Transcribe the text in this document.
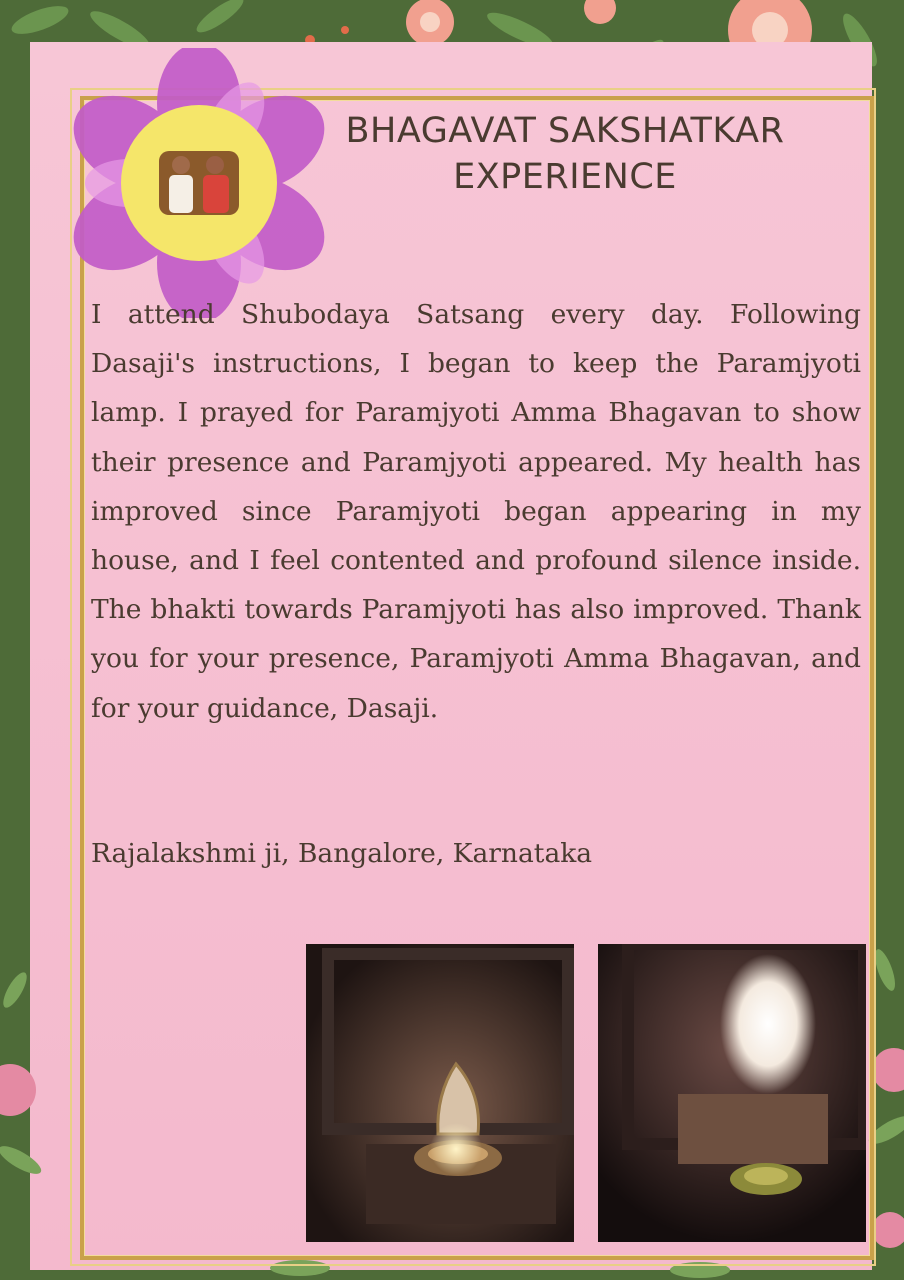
BHAGAVAT SAKSHATKAR
EXPERIENCE

I attend Shubodaya Satsang every day. Following Dasaji's instructions, I began to keep the Paramjyoti lamp. I prayed for Paramjyoti Amma Bhagavan to show their presence and Paramjyoti appeared. My health has improved since Paramjyoti began appearing in my house, and I feel contented and profound silence inside. The bhakti towards Paramjyoti has also improved. Thank you for your presence, Paramjyoti Amma Bhagavan, and for your guidance, Dasaji.

Rajalakshmi ji, Bangalore, Karnataka
